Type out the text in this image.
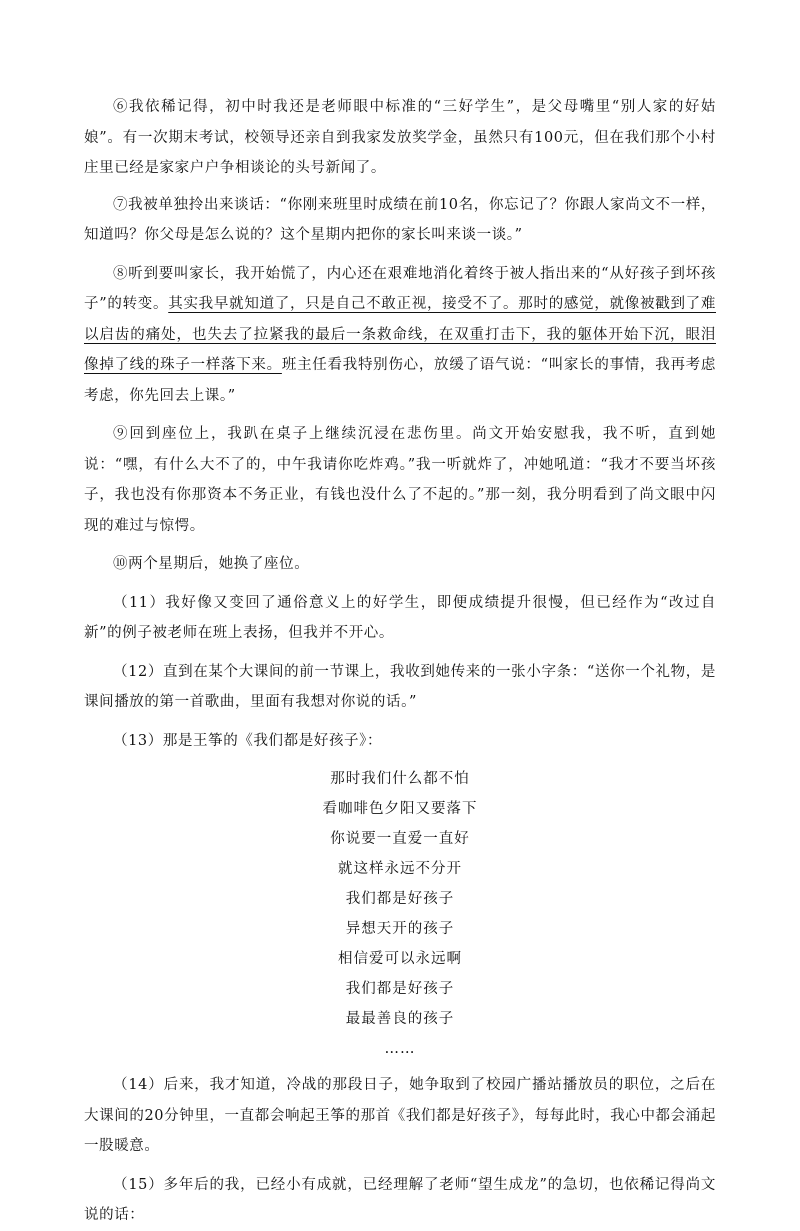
⑥我依稀记得，初中时我还是老师眼中标准的“三好学生”，是父母嘴里“别人家的好姑娘”。有一次期末考试，校领导还亲自到我家发放奖学金，虽然只有100元，但在我们那个小村庄里已经是家家户户争相谈论的头号新闻了。

⑦我被单独拎出来谈话：“你刚来班里时成绩在前10名，你忘记了？你跟人家尚文不一样，知道吗？你父母是怎么说的？这个星期内把你的家长叫来谈一谈。”

⑧听到要叫家长，我开始慌了，内心还在艰难地消化着终于被人指出来的“从好孩子到坏孩子”的转变。其实我早就知道了，只是自己不敢正视，接受不了。那时的感觉，就像被戳到了难以启齿的痛处，也失去了拉紧我的最后一条救命线，在双重打击下，我的躯体开始下沉，眼泪像掉了线的珠子一样落下来。班主任看我特别伤心，放缓了语气说：“叫家长的事情，我再考虑考虑，你先回去上课。”

⑨回到座位上，我趴在桌子上继续沉浸在悲伤里。尚文开始安慰我，我不听，直到她说：“嘿，有什么大不了的，中午我请你吃炸鸡。”我一听就炸了，冲她吼道：“我才不要当坏孩子，我也没有你那资本不务正业，有钱也没什么了不起的。”那一刻，我分明看到了尚文眼中闪现的难过与惊愕。

⑩两个星期后，她换了座位。

（11）我好像又变回了通俗意义上的好学生，即便成绩提升很慢，但已经作为“改过自新”的例子被老师在班上表扬，但我并不开心。

（12）直到在某个大课间的前一节课上，我收到她传来的一张小字条：“送你一个礼物，是课间播放的第一首歌曲，里面有我想对你说的话。”

（13）那是王筝的《我们都是好孩子》：

那时我们什么都不怕
看咖啡色夕阳又要落下
你说要一直爱一直好
就这样永远不分开
我们都是好孩子
异想天开的孩子
相信爱可以永远啊
我们都是好孩子
最最善良的孩子
……

（14）后来，我才知道，冷战的那段日子，她争取到了校园广播站播放员的职位，之后在大课间的20分钟里，一直都会响起王筝的那首《我们都是好孩子》，每每此时，我心中都会涌起一股暖意。

（15）多年后的我，已经小有成就，已经理解了老师“望生成龙”的急切，也依稀记得尚文说的话：
